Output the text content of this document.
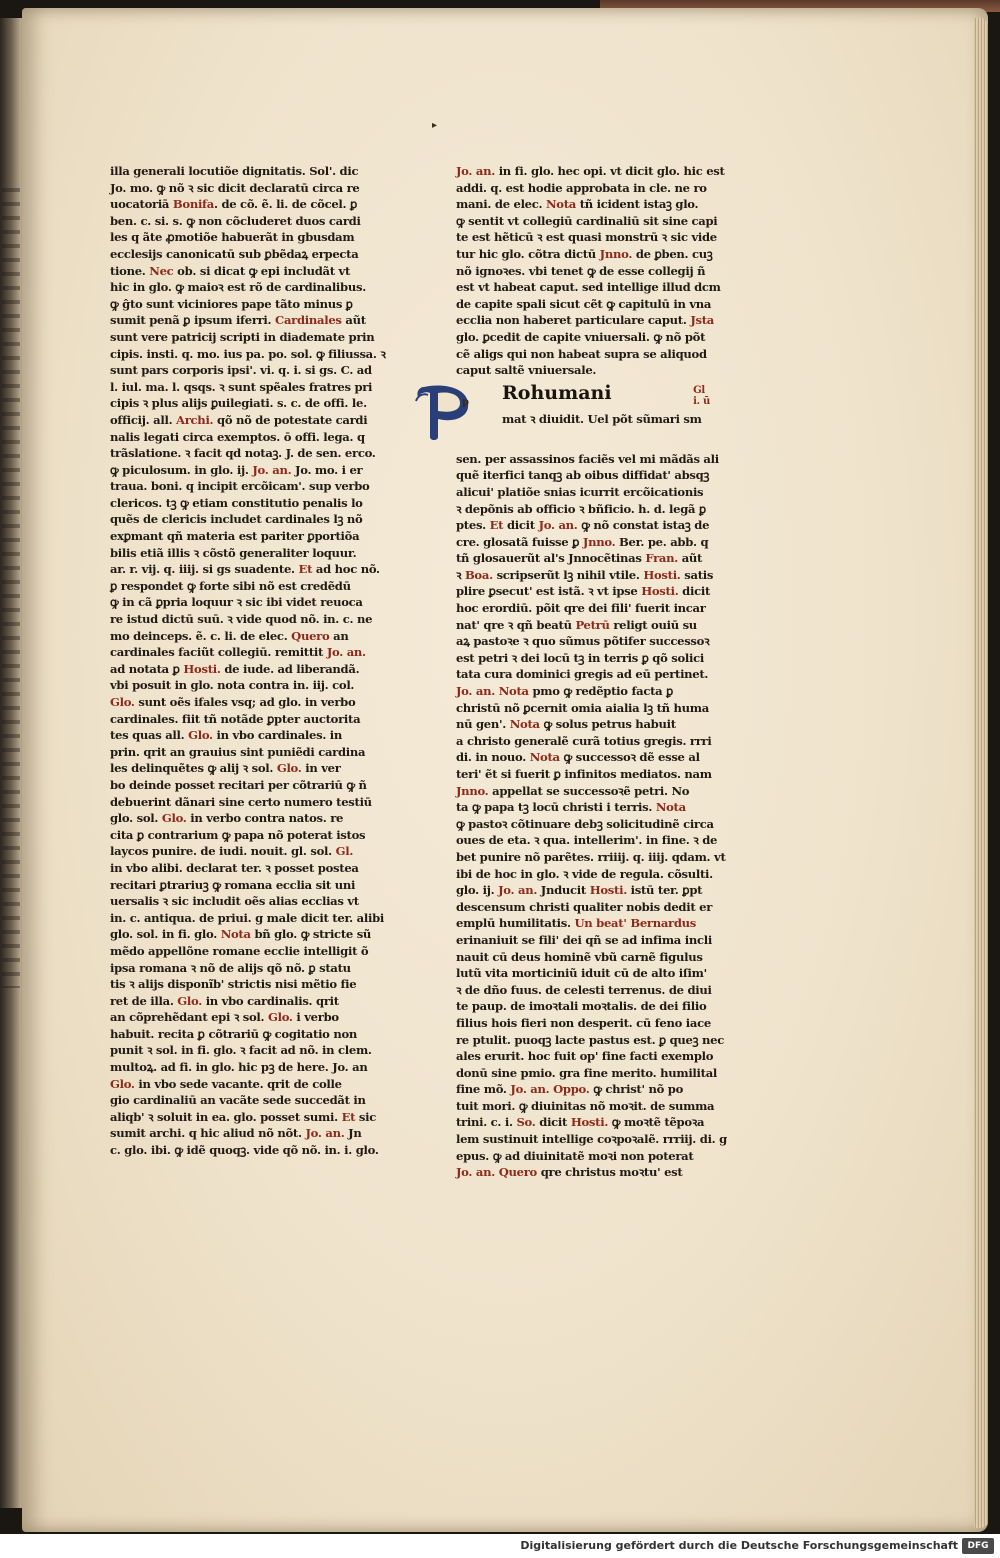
▸
illa generali locutiõe dignitatis. Sol'. dic
Jo. mo. ꝙ nõ ꝛ sic dicit declaratū circa re
uocatoriā Bonifa. de cõ. ẽ. li. de cõcel. ꝑ
ben. c. si. s. ꝙ non cõcluderet duos cardi
les q ãte ꝓmotiõe habuerãt in gbusdam
ecclesijs canonicatū sub ꝑbẽdaꝝ erpecta
tione. Nec ob. si dicat ꝙ epi includãt vt
hic in glo. ꝙ maioꝛ est rõ de cardinalibus.
ꝙ ĝto sunt viciniores pape tãto minus ꝑ
sumit penã ꝑ ipsum iferri. Cardinales aũt
sunt vere patricij scripti in diademate prin
cipis. insti. q. mo. ius pa. po. sol. ꝙ filiussa. ꝛ
sunt pars corporis ipsi'. vi. q. i. si gs. C. ad
l. iul. ma. l. qsqs. ꝛ sunt spẽales fratres pri
cipis ꝛ plus alijs ꝑuilegiati. s. c. de offi. le.
officij. all. Archi. qõ nõ de potestate cardi
nalis legati circa exemptos. ō offi. lega. q
trãslatione. ꝛ facit qd notaꝫ. J. de sen. erco.
ꝙ piculosum. in glo. ij. Jo. an. Jo. mo. i er
traua. boni. q incipit ercõicam'. sup verbo
clericos. tꝫ ꝙ etiam constitutio penalis lo
quẽs de clericis includet cardinales lꝫ nõ
exꝑmant qñ materia est pariter ꝑportiõa
bilis etiã illis ꝛ cõstõ generaliter loquur.
ar. r. vij. q. iiij. si gs suadente. Et ad hoc nõ.
ꝑ respondet ꝙ forte sibi nõ est credẽdū
ꝙ in cã ꝑpria loquur ꝛ sic ibi videt reuoca
re istud dictū suū. ꝛ vide quod nõ. in. c. ne
mo deinceps. ẽ. c. li. de elec. Quero an
cardinales faciũt collegiū. remittit Jo. an.
ad notata ꝑ Hosti. de iude. ad liberandã.
vbi posuit in glo. nota contra in. iij. col.
Glo. sunt oẽs ifales vsq; ad glo. in verbo
cardinales. fiit tñ notãde ꝑpter auctorita
tes quas all. Glo. in vbo cardinales. in
prin. qrit an grauius sint puniẽdi cardina
les delinquẽtes ꝙ alij ꝛ sol. Glo. in ver
bo deinde posset recitari per cõtrariū ꝙ ñ
debuerint dãnari sine certo numero testiū
glo. sol. Glo. in verbo contra natos. re
cita ꝑ contrarium ꝙ papa nõ poterat istos
laycos punire. de iudi. nouit. gl. sol. Gl.
in vbo alibi. declarat ter. ꝛ posset postea
recitari ꝑtrariuꝫ ꝙ romana ecclia sit uni
uersalis ꝛ sic includit oẽs alias ecclias vt
in. c. antiqua. de priui. g male dicit ter. alibi
glo. sol. in fi. glo. Nota bñ glo. ꝙ stricte sũ
mẽdo appellõne romane ecclie intelligit õ
ipsa romana ꝛ nõ de alijs qõ nõ. ꝑ statu
tis ꝛ alijs disponĩb' strictis nisi mẽtio fie
ret de illa. Glo. in vbo cardinalis. qrit
an cõprehẽdant epi ꝛ sol. Glo. i verbo
habuit. recita ꝑ cõtrariū ꝙ cogitatio non
punit ꝛ sol. in fi. glo. ꝛ facit ad nõ. in clem.
multoꝝ. ad fi. in glo. hic pꝫ de here. Jo. an
Glo. in vbo sede vacante. qrit de colle
gio cardinaliū an vacãte sede succedãt in
aliqb' ꝛ soluit in ea. glo. posset sumi. Et sic
sumit archi. q hic aliud nõ nõt. Jo. an. Jn
c. glo. ibi. ꝙ idẽ quoqꝫ. vide qõ nõ. in. i. glo.
Jo. an. in fi. glo. hec opi. vt dicit glo. hic est
addi. q. est hodie approbata in cle. ne ro
mani. de elec. Nota tñ icident istaꝫ glo.
ꝙ sentit vt collegiū cardinaliū sit sine capi
te est hẽticū ꝛ est quasi monstrū ꝛ sic vide
tur hic glo. cõtra dictū Jnno. de ꝑben. cuꝫ
nõ ignoꝛes. vbi tenet ꝙ de esse collegij ñ
est vt habeat caput. sed intellige illud dcm
de capite spali sicut cẽt ꝙ capitulū in vna
ecclia non haberet particulare caput. Jsta
glo. ꝑcedit de capite vniuersali. ꝙ nõ põt
cẽ aligs qui non habeat supra se aliquod
caput saltẽ vniuersale.
p Rohumani	Gl
i. ū
mat ꝛ diuidit. Uel põt sũmari sm
sen. per assassinos faciẽs vel mi mãdãs ali
quẽ iterfici tanqꝫ ab oibus diffidat' absqꝫ
alicui' platiõe snias icurrit ercõicationis
ꝛ depõnis ab officio ꝛ bñficio. h. d. legã ꝑ
ptes. Et dicit Jo. an. ꝙ nõ constat istaꝫ de
cre. glosatã fuisse ꝑ Jnno. Ber. pe. abb. q
tñ glosauerũt al's Jnnocẽtinas Fran. aũt
ꝛ Boa. scripserũt lꝫ nihil vtile. Hosti. satis
plire ꝑsecut' est istã. ꝛ vt ipse Hosti. dicit
hoc erordiū. põit qre dei fili' fuerit incar
nat' qre ꝛ qñ beatū Petrū religt ouiū su
aꝝ pastoꝛe ꝛ quo sũmus põtifer successoꝛ
est petri ꝛ dei locū tꝫ in terris ꝑ qõ solici
tata cura dominici gregis ad eū pertinet.
Jo. an. Nota pmo ꝙ redẽptio facta ꝑ
christū nõ ꝑcernit omia aialia lꝫ tñ huma
nū gen'. Nota ꝙ solus petrus habuit
a christo generalẽ curã totius gregis. rrri
di. in nouo. Nota ꝙ successoꝛ dẽ esse al
teri' ẽt si fuerit ꝑ infinitos mediatos. nam
Jnno. appellat se successoꝛẽ petri. No
ta ꝙ papa tꝫ locū christi i terris. Nota
ꝙ pastoꝛ cõtinuare debꝫ solicitudinẽ circa
oues de eta. ꝛ qua. intellerim'. in fine. ꝛ de
bet punire nõ parẽtes. rriiij. q. iiij. qdam. vt
ibi de hoc in glo. ꝛ vide de regula. cõsulti.
glo. ij. Jo. an. Jnducit Hosti. istū ter. ꝑpt
descensum christi qualiter nobis dedit er
emplū humilitatis. Un beat' Bernardus
erinaniuit se fili' dei qñ se ad infima incli
nauit cū deus hominẽ vbũ carnẽ figulus
lutũ vita morticiniũ iduit cū de alto iſim'
ꝛ de dño fuus. de celesti terrenus. de diui
te paup. de imoꝛtali moꝛtalis. de dei filio
filius hois fieri non desperit. cū feno iace
re ptulit. puoqꝫ lacte pastus est. ꝑ queꝫ nec
ales erurit. hoc fuit op' fine facti exemplo
donū sine pmio. gra fine merito. humilital
fine mõ. Jo. an. Oppo. ꝙ christ' nõ po
tuit mori. ꝙ diuinitas nõ moꝛit. de summa
trini. c. i. So. dicit Hosti. ꝙ moꝛtẽ tẽpoꝛa
lem sustinuit intellige coꝛpoꝛalẽ. rrriij. di. g
epus. ꝙ ad diuinitatẽ moꝛi non poterat
Jo. an. Quero qre christus moꝛtu' est
Digitalisierung gefördert durch die Deutsche Forschungsgemeinschaft	DFG
